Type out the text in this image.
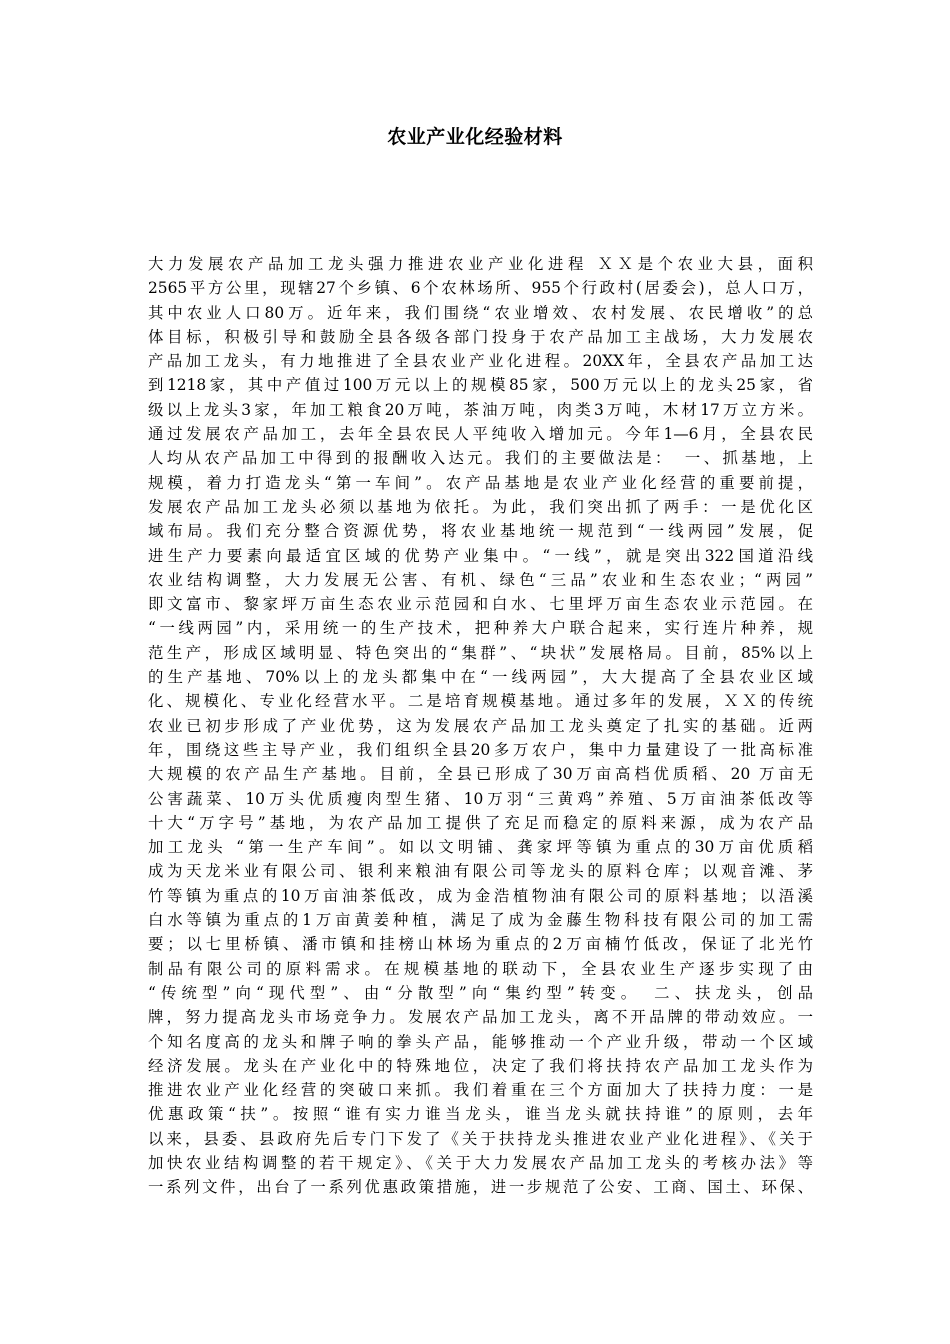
农业产业化经验材料
大力发展农产品加工龙头强力推进农业产业化进程 ＸＸ是个农业大县，面积
2565平方公里，现辖27个乡镇、6个农林场所、955个行政村(居委会)，总人口万，
其中农业人口80万。近年来，我们围绕“农业增效、农村发展、农民增收”的总
体目标，积极引导和鼓励全县各级各部门投身于农产品加工主战场，大力发展农
产品加工龙头，有力地推进了全县农业产业化进程。20XX年，全县农产品加工达
到1218家，其中产值过100万元以上的规模85家，500万元以上的龙头25家，省
级以上龙头3家，年加工粮食20万吨，茶油万吨，肉类3万吨，木材17万立方米。
通过发展农产品加工，去年全县农民人平纯收入增加元。今年1—6月，全县农民
人均从农产品加工中得到的报酬收入达元。我们的主要做法是：　一、抓基地，上
规模，着力打造龙头“第一车间”。农产品基地是农业产业化经营的重要前提，
发展农产品加工龙头必须以基地为依托。为此，我们突出抓了两手：一是优化区
域布局。我们充分整合资源优势，将农业基地统一规范到“一线两园”发展，促
进生产力要素向最适宜区域的优势产业集中。“一线”，就是突出322国道沿线
农业结构调整，大力发展无公害、有机、绿色“三品”农业和生态农业；“两园”
即文富市、黎家坪万亩生态农业示范园和白水、七里坪万亩生态农业示范园。在
“一线两园”内，采用统一的生产技术，把种养大户联合起来，实行连片种养，规
范生产，形成区域明显、特色突出的“集群”、“块状”发展格局。目前，85%以上
的生产基地、70%以上的龙头都集中在“一线两园”，大大提高了全县农业区域
化、规模化、专业化经营水平。二是培育规模基地。通过多年的发展，ＸＸ的传统
农业已初步形成了产业优势，这为发展农产品加工龙头奠定了扎实的基础。近两
年，围绕这些主导产业，我们组织全县20多万农户，集中力量建设了一批高标准
大规模的农产品生产基地。目前，全县已形成了30万亩高档优质稻、20 万亩无
公害蔬菜、10万头优质瘦肉型生猪、10万羽“三黄鸡”养殖、5万亩油茶低改等
十大“万字号”基地，为农产品加工提供了充足而稳定的原料来源，成为农产品
加工龙头 “第一生产车间”。如以文明铺、龚家坪等镇为重点的30万亩优质稻
成为天龙米业有限公司、银利来粮油有限公司等龙头的原料仓库；以观音滩、茅
竹等镇为重点的10万亩油茶低改，成为金浩植物油有限公司的原料基地；以浯溪
白水等镇为重点的1万亩黄姜种植，满足了成为金藤生物科技有限公司的加工需
要；以七里桥镇、潘市镇和挂榜山林场为重点的2万亩楠竹低改，保证了北光竹
制品有限公司的原料需求。在规模基地的联动下，全县农业生产逐步实现了由
“传统型”向“现代型”、由“分散型”向“集约型”转变。　二、扶龙头，创品
牌，努力提高龙头市场竞争力。发展农产品加工龙头，离不开品牌的带动效应。一
个知名度高的龙头和牌子响的拳头产品，能够推动一个产业升级，带动一个区域
经济发展。龙头在产业化中的特殊地位，决定了我们将扶持农产品加工龙头作为
推进农业产业化经营的突破口来抓。我们着重在三个方面加大了扶持力度：一是
优惠政策“扶”。按照“谁有实力谁当龙头，谁当龙头就扶持谁”的原则，去年
以来，县委、县政府先后专门下发了《关于扶持龙头推进农业产业化进程》、《关于
加快农业结构调整的若干规定》、《关于大力发展农产品加工龙头的考核办法》等
一系列文件，出台了一系列优惠政策措施，进一步规范了公安、工商、国土、环保、
